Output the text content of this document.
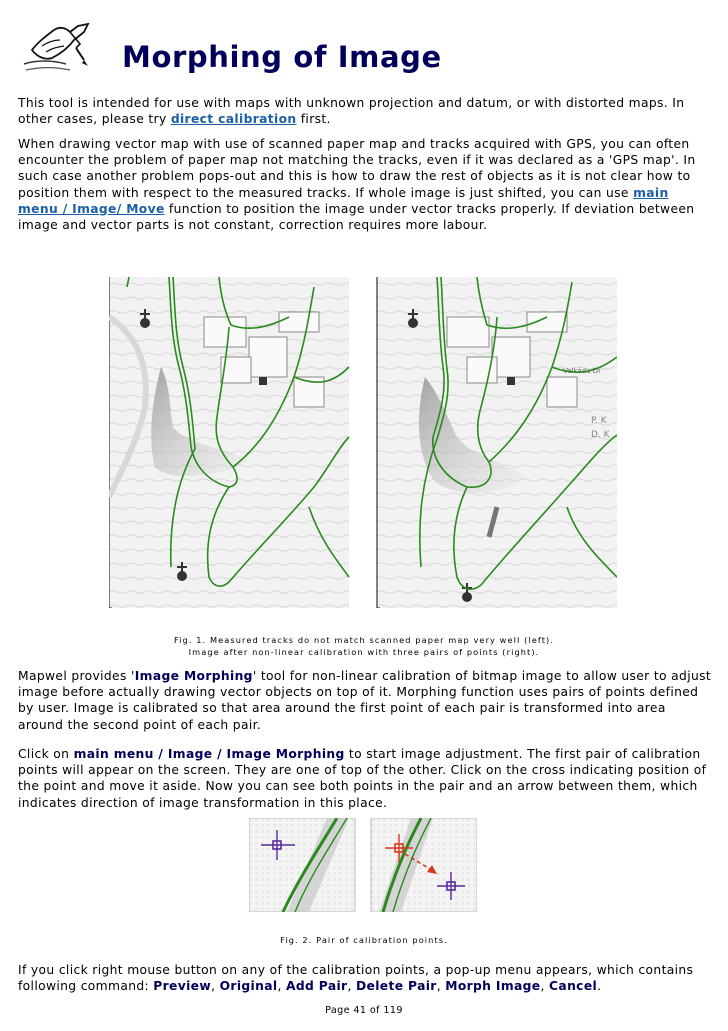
Morphing of Image

This tool is intended for use with maps with unknown projection and datum, or with distorted maps. In other cases, please try direct calibration first.

When drawing vector map with use of scanned paper map and tracks acquired with GPS, you can often encounter the problem of paper map not matching the tracks, even if it was declared as a 'GPS map'. In such case another problem pops-out and this is how to draw the rest of objects as it is not clear how to position them with respect to the measured tracks. If whole image is just shifted, you can use main menu / Image/ Move function to position the image under vector tracks properly. If deviation between image and vector parts is not constant, correction requires more labour.

Velkáda Dr
P. K
D. K

Fig. 1. Measured tracks do not match scanned paper map very well (left).

Image after non-linear calibration with three pairs of points (right).

Mapwel provides 'Image Morphing' tool for non-linear calibration of bitmap image to allow user to adjust image before actually drawing vector objects on top of it. Morphing function uses pairs of points defined by user. Image is calibrated so that area around the first point of each pair is transformed into area around the second point of each pair.

Click on main menu / Image / Image Morphing to start image adjustment. The first pair of calibration points will appear on the screen. They are one of top of the other. Click on the cross indicating position of the point and move it aside. Now you can see both points in the pair and an arrow between them, which indicates direction of image transformation in this place.

Fig. 2. Pair of calibration points.

If you click right mouse button on any of the calibration points, a pop-up menu appears, which contains following command: Preview, Original, Add Pair, Delete Pair, Morph Image, Cancel.

Page 41 of 119
